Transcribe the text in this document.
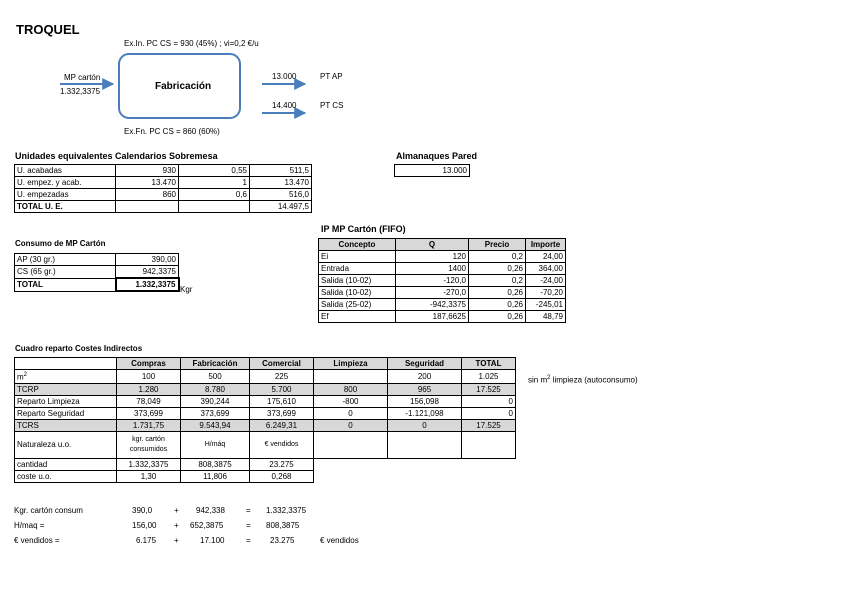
TROQUEL
Ex.In. PC CS = 930 (45%) ; vi=0,2 €/u
MP cartón
1.332,3375	Fabricación
13.000	PT AP
14.400	PT CS
Ex.Fn. PC CS = 860 (60%)
Unidades equivalentes Calendarios Sobremesa
U. acabadas	930	0,55	511,5
U. empez. y acab.	13.470	1	13.470
U. empezadas	860	0,6	516,0
TOTAL U. E.			14.497,5
Almanaques Pared
13.000
Consumo de MP Cartón
AP (30 gr.)	390,00
CS (65 gr.)	942,3375
TOTAL	1.332,3375
Kgr
IP MP Cartón (FIFO)
Concepto	Q	Precio	Importe
Ei	120	0,2	24,00
Entrada	1400	0,26	364,00
Salida (10-02)	-120,0	0,2	-24,00
Salida (10-02)	-270,0	0,26	-70,20
Salida (25-02)	-942,3375	0,26	-245,01
Ef	187,6625	0,26	48,79
Cuadro reparto Costes Indirectos
	Compras	Fabricación	Comercial	Limpieza	Seguridad	TOTAL
$m^2$	100	500	225		200	1.025
TCRP	1.280	8.780	5.700	800	965	17.525
Reparto Limpieza	78,049	390,244	175,610	-800	156,098	0
Reparto Seguridad	373,699	373,699	373,699	0	-1.121,098	0
TCRS	1.731,75	9.543,94	6.249,31	0	0	17.525
Naturaleza u.o.	kgr. cartón consumidos	H/máq	€ vendidos			
cantidad	1.332,3375	808,3875	23.275			
coste u.o.	1,30	11,806	0,268			
$\sin m^2$ limpieza (autoconsumo)
Kgr. cartón consum	390,0	+ 942,338	= 1.332,3375
H/maq =	156,00 + 652,3875	= 808,3875
€ vendidos =	6.175 +	17.100	= 23.275	€ vendidos
